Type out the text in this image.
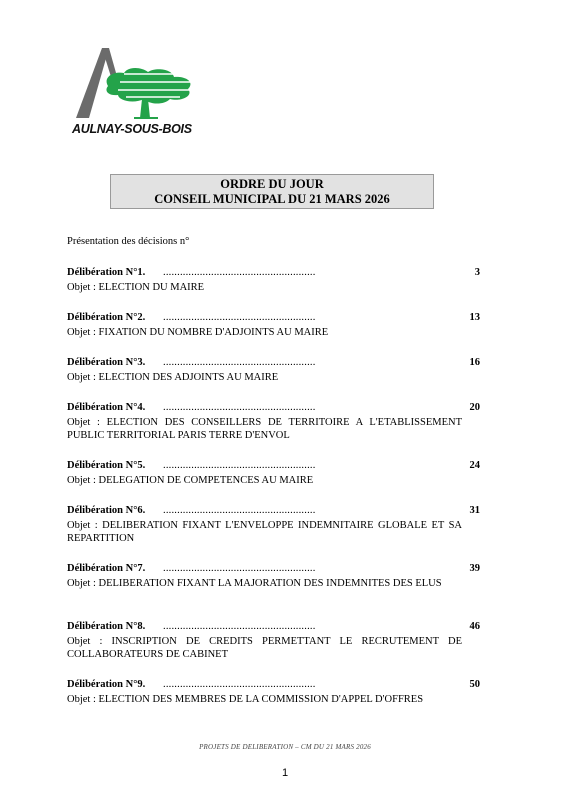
AULNAY-SOUS-BOIS
ORDRE DU JOUR
CONSEIL MUNICIPAL DU 21 MARS 2026
Présentation des décisions n°
Délibération N°1. ......................................................	3
Objet : ELECTION DU MAIRE
Délibération N°2. ......................................................	13
Objet : FIXATION DU NOMBRE D'ADJOINTS AU MAIRE
Délibération N°3. ......................................................	16
Objet : ELECTION DES ADJOINTS AU MAIRE
Délibération N°4. ......................................................	20
Objet : ELECTION DES CONSEILLERS DE TERRITOIRE A L'ETABLISSEMENT PUBLIC TERRITORIAL PARIS TERRE D'ENVOL
Délibération N°5. ......................................................	24
Objet : DELEGATION DE COMPETENCES AU MAIRE
Délibération N°6. ......................................................	31
Objet : DELIBERATION FIXANT L'ENVELOPPE INDEMNITAIRE GLOBALE ET SA REPARTITION
Délibération N°7. ......................................................	39
Objet : DELIBERATION FIXANT LA MAJORATION DES INDEMNITES DES ELUS
Délibération N°8. ......................................................	46
Objet : INSCRIPTION DE CREDITS PERMETTANT LE RECRUTEMENT DE COLLABORATEURS DE CABINET
Délibération N°9. ......................................................	50
Objet : ELECTION DES MEMBRES DE LA COMMISSION D'APPEL D'OFFRES
PROJETS DE DELIBERATION – CM DU 21 MARS 2026
1
